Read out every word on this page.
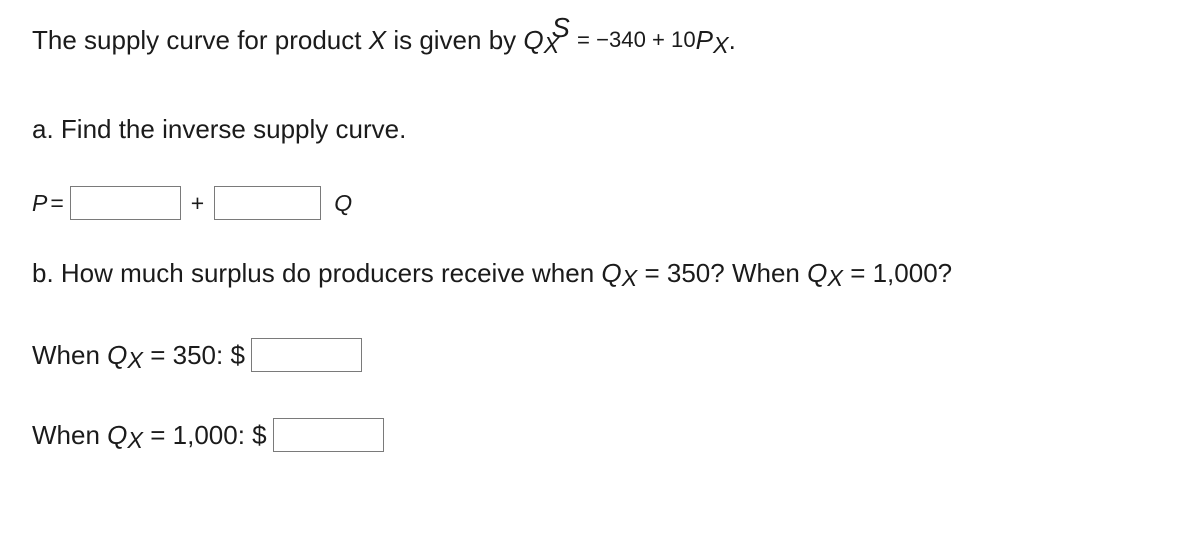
The supply curve for product
X
is given by
Q X
S
= −340 + 10 P X .
a. Find the inverse supply curve.
P =	+	Q
b. How much surplus do producers receive when
Q X
= 350? When
Q X
= 1,000?
When
Q X
= 350: $
When
Q X
= 1,000: $
